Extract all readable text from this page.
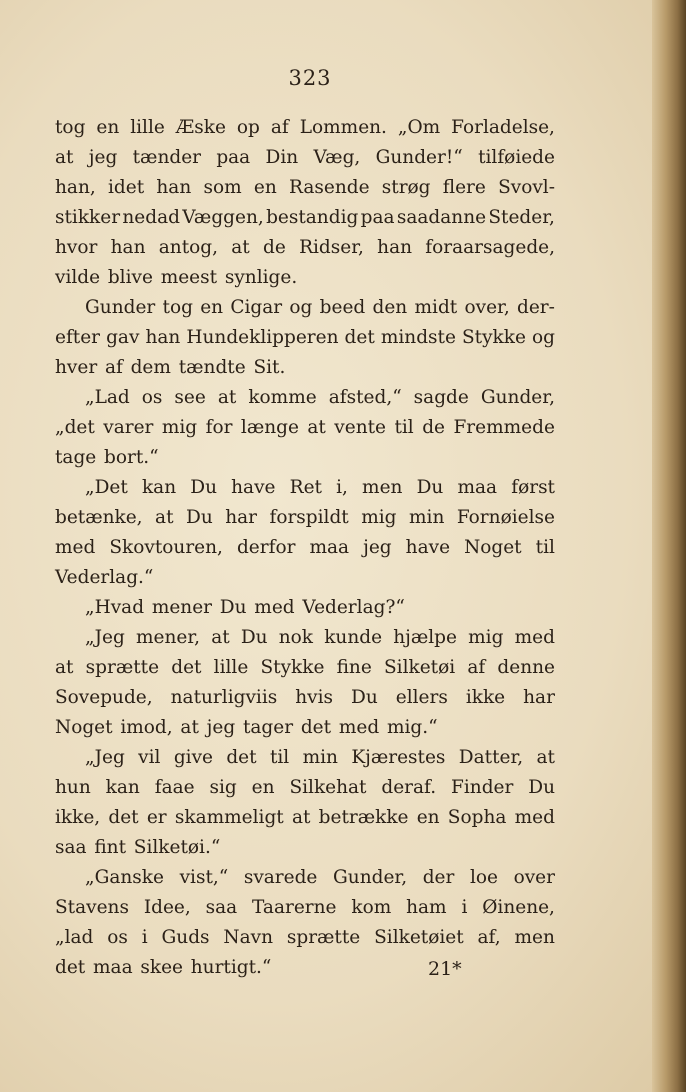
323
tog en lille Æske op af Lommen. „Om Forladelse,
at jeg tænder paa Din Væg, Gunder!“ tilføiede
han, idet han som en Rasende strøg flere Svovl-
stikker nedad Væggen, bestandig paa saadanne Steder,
hvor han antog, at de Ridser, han foraarsagede,
vilde blive meest synlige.
Gunder tog en Cigar og beed den midt over, der-
efter gav han Hundeklipperen det mindste Stykke og
hver af dem tændte Sit.
„Lad os see at komme afsted,“ sagde Gunder,
„det varer mig for længe at vente til de Fremmede
tage bort.“
„Det kan Du have Ret i, men Du maa først
betænke, at Du har forspildt mig min Fornøielse
med Skovtouren, derfor maa jeg have Noget til
Vederlag.“
„Hvad mener Du med Vederlag?“
„Jeg mener, at Du nok kunde hjælpe mig med
at sprætte det lille Stykke fine Silketøi af denne
Sovepude, naturligviis hvis Du ellers ikke har
Noget imod, at jeg tager det med mig.“
„Jeg vil give det til min Kjærestes Datter, at
hun kan faae sig en Silkehat deraf. Finder Du
ikke, det er skammeligt at betrække en Sopha med
saa fint Silketøi.“
„Ganske vist,“ svarede Gunder, der loe over
Stavens Idee, saa Taarerne kom ham i Øinene,
„lad os i Guds Navn sprætte Silketøiet af, men
det maa skee hurtigt.“	21*
